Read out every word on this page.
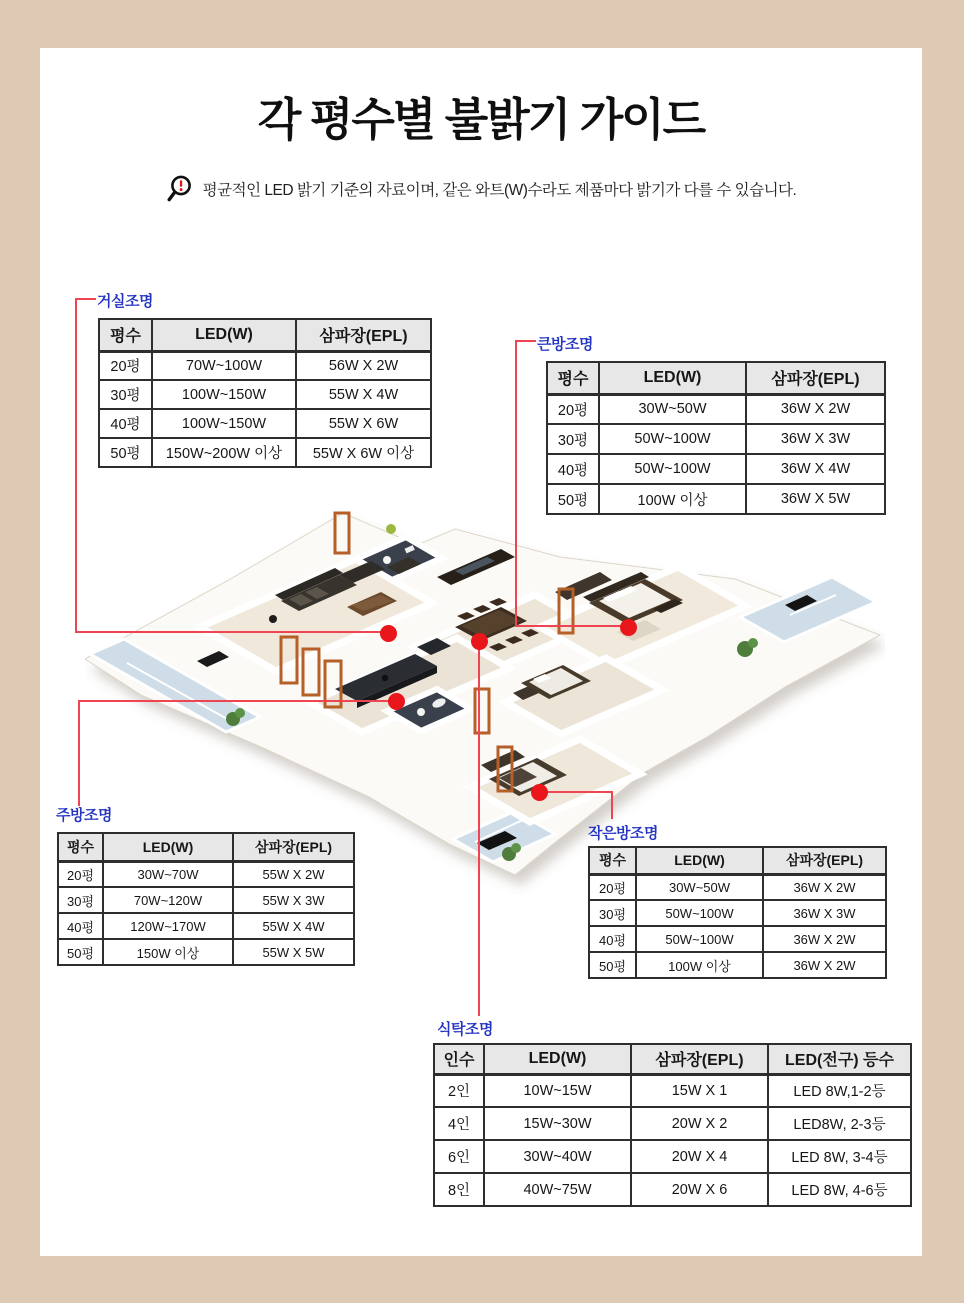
각 평수별 불밝기 가이드
평균적인 LED 밝기 기준의 자료이며, 같은 와트(W)수라도 제품마다 밝기가 다를 수 있습니다.
거실조명
큰방조명
주방조명
작은방조명
식탁조명
평수	LED(W)	삼파장(EPL)
20평	70W~100W	56W X 2W
30평	100W~150W	55W X 4W
40평	100W~150W	55W X 6W
50평	150W~200W 이상	55W X 6W 이상
평수	LED(W)	삼파장(EPL)
20평	30W~50W	36W X 2W
30평	50W~100W	36W X 3W
40평	50W~100W	36W X 4W
50평	100W 이상	36W X 5W
평수	LED(W)	삼파장(EPL)
20평	30W~70W	55W X 2W
30평	70W~120W	55W X 3W
40평	120W~170W	55W X 4W
50평	150W 이상	55W X 5W
평수	LED(W)	삼파장(EPL)
20평	30W~50W	36W X 2W
30평	50W~100W	36W X 3W
40평	50W~100W	36W X 2W
50평	100W 이상	36W X 2W
인수	LED(W)	삼파장(EPL)	LED(전구) 등수
2인	10W~15W	15W X 1	LED 8W,1-2등
4인	15W~30W	20W X 2	LED8W, 2-3등
6인	30W~40W	20W X 4	LED 8W, 3-4등
8인	40W~75W	20W X 6	LED 8W, 4-6등
